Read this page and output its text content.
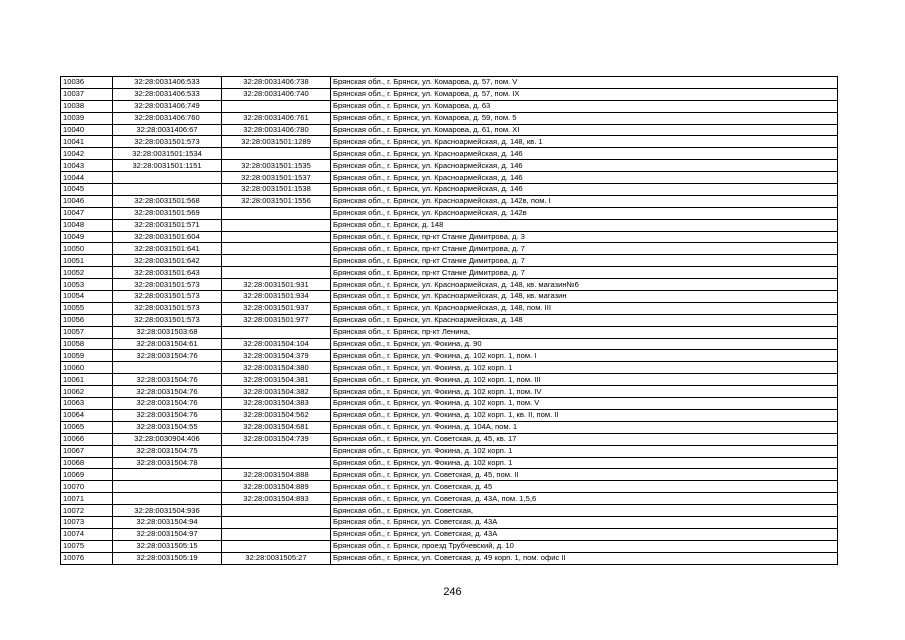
10036	32:28:0031406:533	32:28:0031406:738	Брянская обл., г. Брянск, ул. Комарова, д. 57, пом. V
10037	32:28:0031406:533	32:28:0031406:740	Брянская обл., г. Брянск, ул. Комарова, д. 57, пом. IX
10038	32:28:0031406:749		Брянская обл., г. Брянск, ул. Комарова, д. 63
10039	32:28:0031406:760	32:28:0031406:761	Брянская обл., г. Брянск, ул. Комарова, д. 59, пом. 5
10040	32:28:0031406:67	32:28:0031406:780	Брянская обл., г. Брянск, ул. Комарова, д. 61, пом. XI
10041	32:28:0031501:573	32:28:0031501:1289	Брянская обл., г. Брянск, ул. Красноармейская, д. 148, кв. 1
10042	32:28:0031501:1534		Брянская обл., г. Брянск, ул. Красноармейская, д. 146
10043	32:28:0031501:1151	32:28:0031501:1535	Брянская обл., г. Брянск, ул. Красноармейская, д. 146
10044		32:28:0031501:1537	Брянская обл., г. Брянск, ул. Красноармейская, д. 146
10045		32:28:0031501:1538	Брянская обл., г. Брянск, ул. Красноармейская, д. 146
10046	32:28:0031501:568	32:28:0031501:1556	Брянская обл., г. Брянск, ул. Красноармейская, д. 142в, пом. I
10047	32:28:0031501:569		Брянская обл., г. Брянск, ул. Красноармейская, д. 142в
10048	32:28:0031501:571		Брянская обл., г. Брянск, д. 148
10049	32:28:0031501:604		Брянская обл., г. Брянск, пр-кт Станке Димитрова, д. 3
10050	32:28:0031501:641		Брянская обл., г. Брянск, пр-кт Станке Димитрова, д. 7
10051	32:28:0031501:642		Брянская обл., г. Брянск, пр-кт Станке Димитрова, д. 7
10052	32:28:0031501:643		Брянская обл., г. Брянск, пр-кт Станке Димитрова, д. 7
10053	32:28:0031501:573	32:28:0031501:931	Брянская обл., г. Брянск, ул. Красноармейская, д. 148, кв. магазин№6
10054	32:28:0031501:573	32:28:0031501:934	Брянская обл., г. Брянск, ул. Красноармейская, д. 148, кв. магазин
10055	32:28:0031501:573	32:28:0031501:937	Брянская обл., г. Брянск, ул. Красноармейская, д. 148, пом. III
10056	32:28:0031501:573	32:28:0031501:977	Брянская обл., г. Брянск, ул. Красноармейская, д. 148
10057	32:28:0031503:68		Брянская обл., г. Брянск, пр-кт Ленина,
10058	32:28:0031504:61	32:28:0031504:104	Брянская обл., г. Брянск, ул. Фокина, д. 90
10059	32:28:0031504:76	32:28:0031504:379	Брянская обл., г. Брянск, ул. Фокина, д. 102 корп. 1, пом. I
10060		32:28:0031504:380	Брянская обл., г. Брянск, ул. Фокина, д. 102 корп. 1
10061	32:28:0031504:76	32:28:0031504:381	Брянская обл., г. Брянск, ул. Фокина, д. 102 корп. 1, пом. III
10062	32:28:0031504:76	32:28:0031504:382	Брянская обл., г. Брянск, ул. Фокина, д. 102 корп. 1, пом. IV
10063	32:28:0031504:76	32:28:0031504:383	Брянская обл., г. Брянск, ул. Фокина, д. 102 корп. 1, пом. V
10064	32:28:0031504:76	32:28:0031504:562	Брянская обл., г. Брянск, ул. Фокина, д. 102 корп. 1, кв. II, пом. II
10065	32:28:0031504:55	32:28:0031504:681	Брянская обл., г. Брянск, ул. Фокина, д. 104А, пом. 1
10066	32:28:0030904:406	32:28:0031504:739	Брянская обл., г. Брянск, ул. Советская, д. 45, кв. 17
10067	32:28:0031504:75		Брянская обл., г. Брянск, ул. Фокина, д. 102 корп. 1
10068	32:28:0031504:78		Брянская обл., г. Брянск, ул. Фокина, д. 102 корп. 1
10069		32:28:0031504:888	Брянская обл., г. Брянск, ул. Советская, д. 45, пом. II
10070		32:28:0031504:889	Брянская обл., г. Брянск, ул. Советская, д. 45
10071		32:28:0031504:893	Брянская обл., г. Брянск, ул. Советская, д. 43А, пом. 1,5,6
10072	32:28:0031504:936		Брянская обл., г. Брянск, ул. Советская,
10073	32:28:0031504:94		Брянская обл., г. Брянск, ул. Советская, д. 43А
10074	32:28:0031504:97		Брянская обл., г. Брянск, ул. Советская, д. 43А
10075	32:28:0031505:15		Брянская обл., г. Брянск, проезд Трубчевский, д. 10
10076	32:28:0031505:19	32:28:0031505:27	Брянская обл., г. Брянск, ул. Советская, д. 49 корп. 1, пом. офис II
246
